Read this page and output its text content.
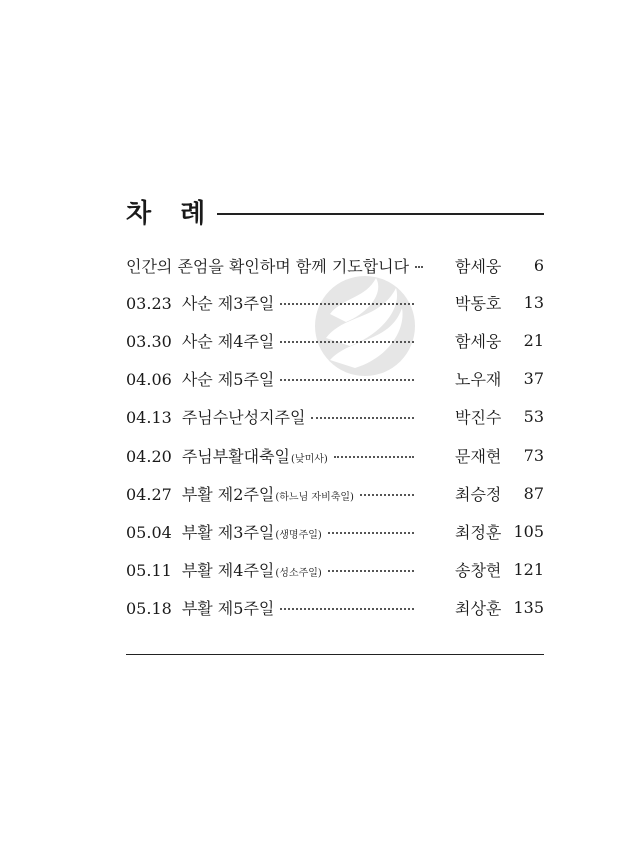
차 례
인간의 존엄을 확인하며 함께 기도합니다	함세웅	6
03.23 사순 제3주일	박동호	13
03.30 사순 제4주일	함세웅	21
04.06 사순 제5주일	노우재	37
04.13 주님수난성지주일	박진수	53
04.20 주님부활대축일 (낮미사)	문재현	73
04.27 부활 제2주일 (하느님 자비축일)	최승정	87
05.04 부활 제3주일 (생명주일)	최정훈 105
05.11 부활 제4주일 (성소주일)	송창현 121
05.18 부활 제5주일	최상훈 135
